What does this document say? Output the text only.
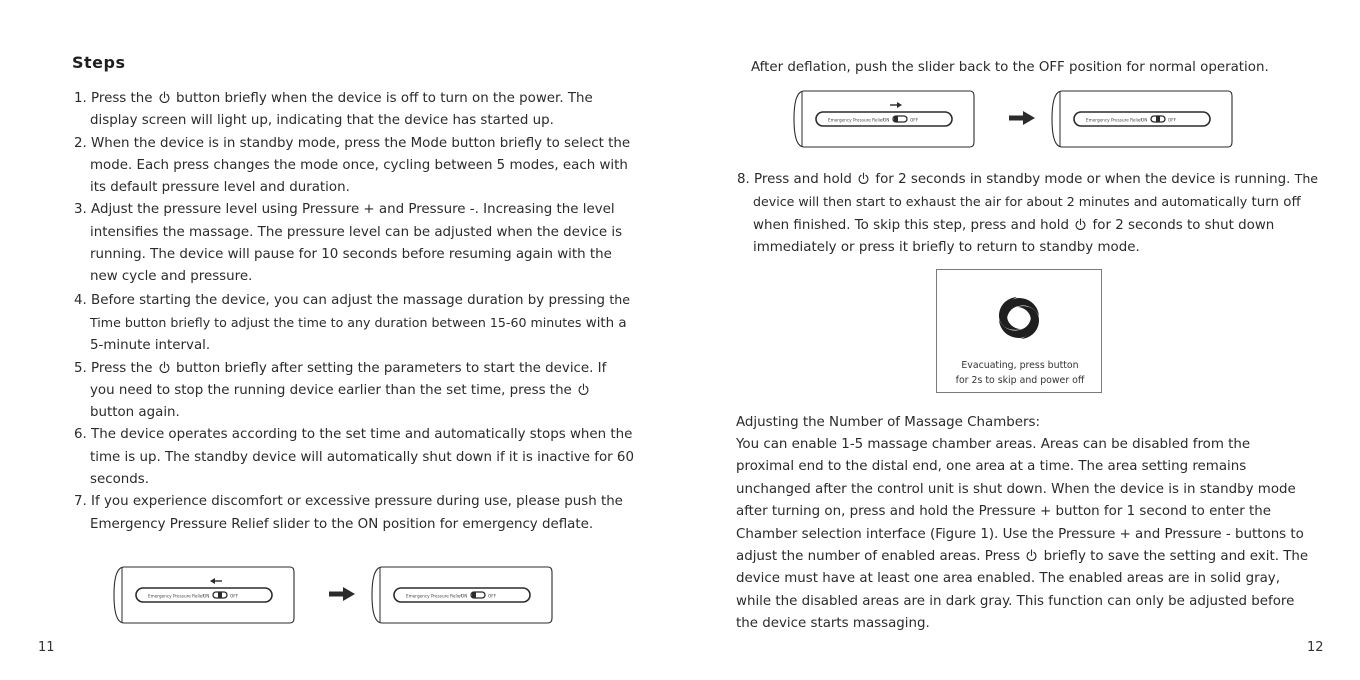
Steps
1. Press the
button briefly when the device is off to turn on the power. The display screen will light up, indicating that the device has started up.
2. When the device is in standby mode, press the Mode button briefly to select the mode. Each press changes the mode once, cycling between 5 modes, each with its default pressure level and duration.
3. Adjust the pressure level using Pressure + and Pressure -. Increasing the level intensifies the massage. The pressure level can be adjusted when the device is running. The device will pause for 10 seconds before resuming again with the new cycle and pressure.
4. Before starting the device, you can adjust the massage duration by pressing the Time button briefly to adjust the time to any duration between 15-60 minutes with a 5-minute interval.
5. Press the
button briefly after setting the parameters to start the device. If you need to stop the running device earlier than the set time, press the
button again.
6. The device operates according to the set time and automatically stops when the time is up. The standby device will automatically shut down if it is inactive for 60 seconds.
7. If you experience discomfort or excessive pressure during use, please push the Emergency Pressure Relief slider to the ON position for emergency deflate.
Emergency Pressure Relief ON	OFF	Emergency Pressure Relief ON	OFF
11
After deflation, push the slider back to the OFF position for normal operation.
Emergency Pressure Relief ON	OFF	Emergency Pressure Relief ON	OFF
8. Press and hold
for 2 seconds in standby mode or when the device is running. The device will then start to exhaust the air for about 2 minutes and automatically turn off when finished. To skip this step, press and hold
for 2 seconds to shut down immediately or press it briefly to return to standby mode.
Evacuating, press button
for 2s to skip and power off
Adjusting the Number of Massage Chambers:
You can enable 1-5 massage chamber areas. Areas can be disabled from the proximal end to the distal end, one area at a time. The area setting remains unchanged after the control unit is shut down. When the device is in standby mode after turning on, press and hold the Pressure + button for 1 second to enter the Chamber selection interface (Figure 1). Use the Pressure + and Pressure - buttons to adjust the number of enabled areas. Press
briefly to save the setting and exit. The device must have at least one area enabled. The enabled areas are in solid gray, while the disabled areas are in dark gray. This function can only be adjusted before the device starts massaging.
12
